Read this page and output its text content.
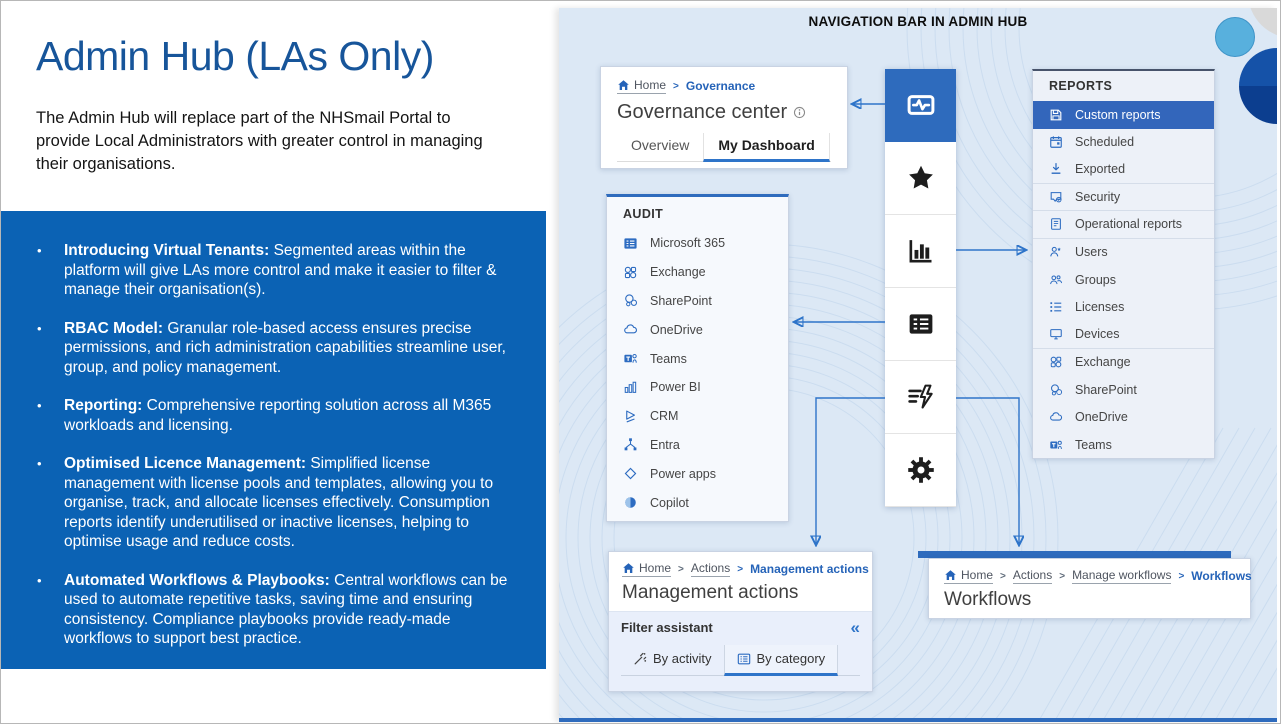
Admin Hub (LAs Only)

The Admin Hub will replace part of the NHSmail Portal to provide Local Administrators with greater control in managing their organisations.

•	Introducing Virtual Tenants: Segmented areas within the platform will give LAs more control and make it easier to filter & manage their organisation(s).

•	RBAC Model: Granular role-based access ensures precise permissions, and rich administration capabilities streamline user, group, and policy management.

•	Reporting: Comprehensive reporting solution across all M365 workloads and licensing.

•	Optimised Licence Management: Simplified license management with license pools and templates, allowing you to organise, track, and allocate licenses effectively. Consumption reports identify underutilised or inactive licenses, helping to optimise usage and reduce costs.

•	Automated Workflows & Playbooks: Central workflows can be used to automate repetitive tasks, saving time and ensuring consistency. Compliance playbooks provide ready-made workflows to support best practice.

NAVIGATION BAR IN ADMIN HUB
Home > Governance
Governance center
Overview	My Dashboard
AUDIT
Microsoft 365
Exchange
SharePoint
OneDrive
Teams
Power BI
CRM
Entra
Power apps
Copilot
REPORTS
Custom reports
Scheduled
Exported
Security
Operational reports
Users
Groups
Licenses
Devices
Exchange
SharePoint
OneDrive
Teams
Home > Actions > Management actions
Management actions
Filter assistant	«
By activity	By category
Home > Actions > Manage workflows > Workflows
Workflows
